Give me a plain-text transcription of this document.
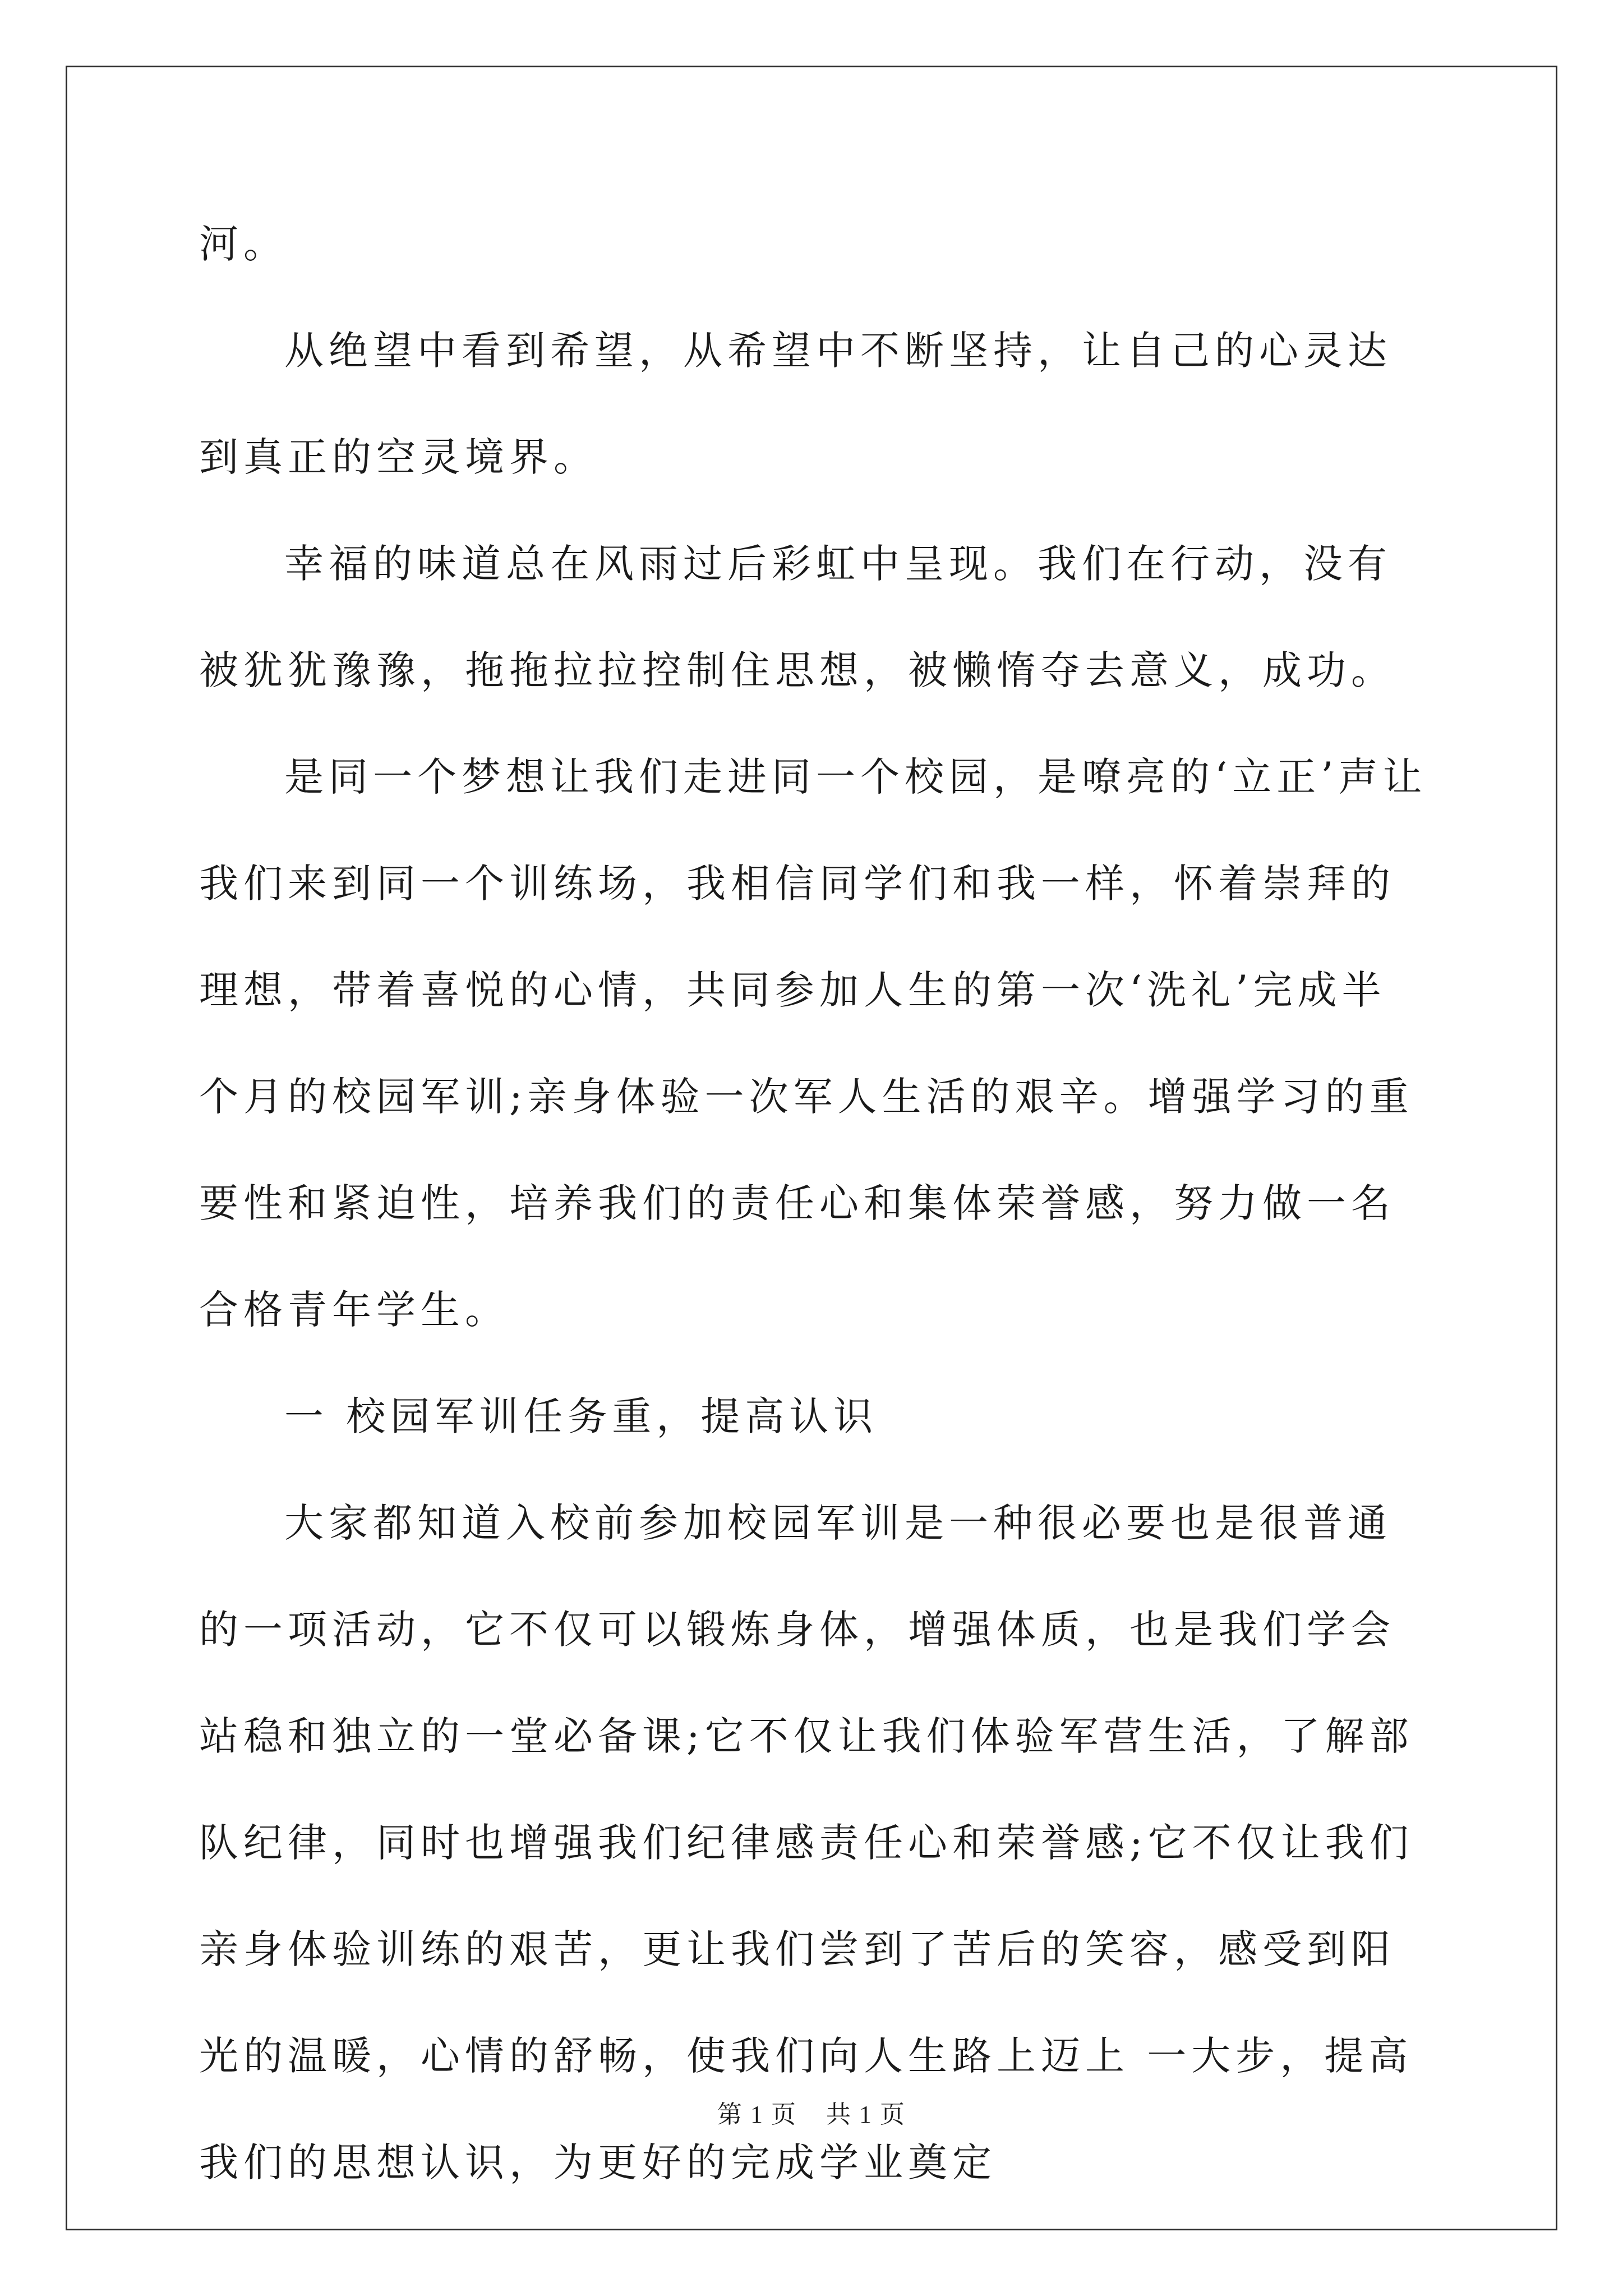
河。

从绝望中看到希望，从希望中不断坚持，让自己的心灵达到真正的空灵境界。

幸福的味道总在风雨过后彩虹中呈现。我们在行动，没有被犹犹豫豫，拖拖拉拉控制住思想，被懒惰夺去意义，成功。

是同一个梦想让我们走进同一个校园，是嘹亮的‘立正’声让我们来到同一个训练场，我相信同学们和我一样，怀着崇拜的理想，带着喜悦的心情，共同参加人生的第一次‘洗礼’完成半个月的校园军训;亲身体验一次军人生活的艰辛。增强学习的重要性和紧迫性，培养我们的责任心和集体荣誉感，努力做一名合格青年学生。

一 校园军训任务重，提高认识

大家都知道入校前参加校园军训是一种很必要也是很普通的一项活动，它不仅可以锻炼身体，增强体质，也是我们学会站稳和独立的一堂必备课;它不仅让我们体验军营生活，了解部队纪律，同时也增强我们纪律感责任心和荣誉感;它不仅让我们亲身体验训练的艰苦，更让我们尝到了苦后的笑容，感受到阳光的温暖，心情的舒畅，使我们向人生路上迈上 一大步，提高我们的思想认识，为更好的完成学业奠定

第 1 页 共 1 页
